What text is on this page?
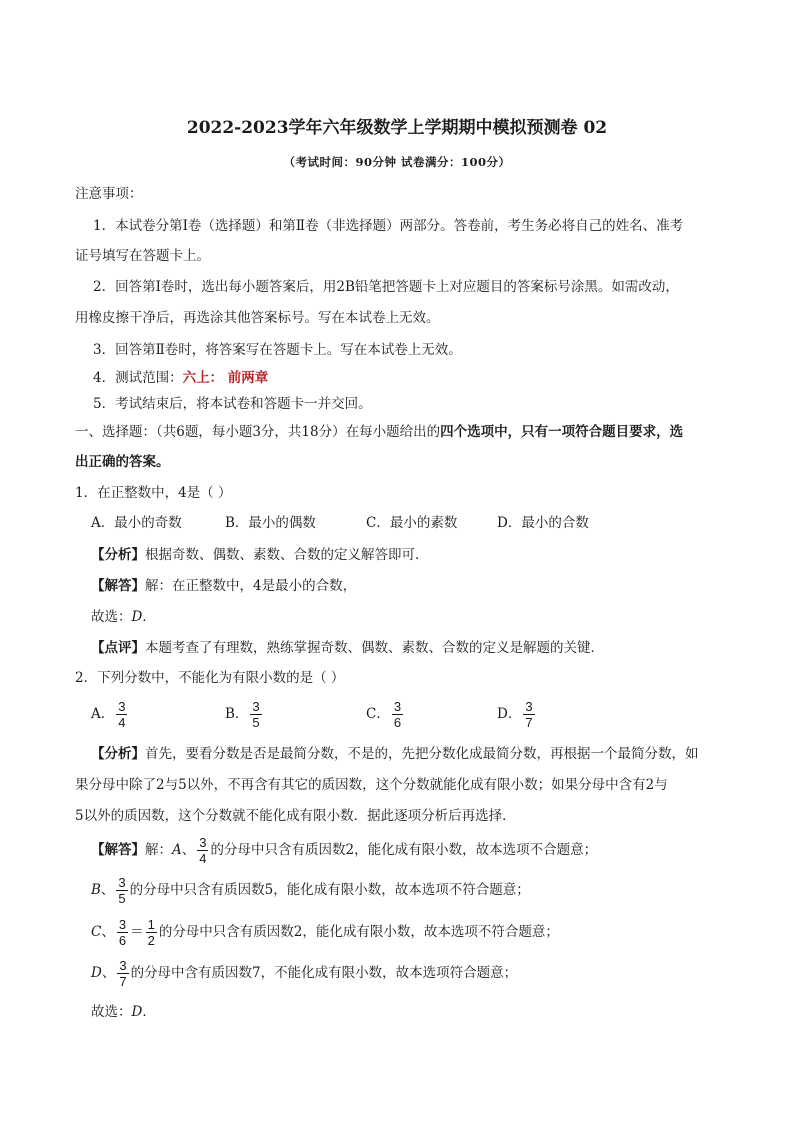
2022-2023学年六年级数学上学期期中模拟预测卷 02
（考试时间：90分钟 试卷满分：100分）
注意事项：
1．本试卷分第Ⅰ卷（选择题）和第Ⅱ卷（非选择题）两部分。答卷前，考生务必将自己的姓名、准考
证号填写在答题卡上。
2．回答第Ⅰ卷时，选出每小题答案后，用2B铅笔把答题卡上对应题目的答案标号涂黑。如需改动，
用橡皮擦干净后，再选涂其他答案标号。写在本试卷上无效。
3．回答第Ⅱ卷时，将答案写在答题卡上。写在本试卷上无效。
4．测试范围：六上： 前两章
5．考试结束后，将本试卷和答题卡一并交回。
一、选择题：（共6题，每小题3分，共18分）在每小题给出的四个选项中，只有一项符合题目要求，选
出正确的答案。
1．在正整数中，4是（ ）
A．最小的奇数	B．最小的偶数	C．最小的素数	D．最小的合数
【分析】根据奇数、偶数、素数、合数的定义解答即可．
【解答】解：在正整数中，4是最小的合数，
故选：D．
【点评】本题考查了有理数，熟练掌握奇数、偶数、素数、合数的定义是解题的关键．
2．下列分数中，不能化为有限小数的是（ ）
A． $\frac{3}{4}$	B． $\frac{3}{5}$	C． $\frac{3}{6}$	D． $\frac{3}{7}$
【分析】首先，要看分数是否是最简分数，不是的，先把分数化成最简分数，再根据一个最简分数，如
果分母中除了2与5以外，不再含有其它的质因数，这个分数就能化成有限小数；如果分母中含有2与
5以外的质因数，这个分数就不能化成有限小数．据此逐项分析后再选择．
【解答】解：A、 $\frac{3}{4}$ 的分母中只含有质因数2，能化成有限小数，故本选项不合题意；
B、 $\frac{3}{5}$ 的分母中只含有质因数5，能化成有限小数，故本选项不符合题意；
C、 $\frac{3}{6} = \frac{1}{2}$ 的分母中只含有质因数2，能化成有限小数，故本选项不符合题意；
D、 $\frac{3}{7}$ 的分母中含有质因数7，不能化成有限小数，故本选项符合题意；
故选：D．
